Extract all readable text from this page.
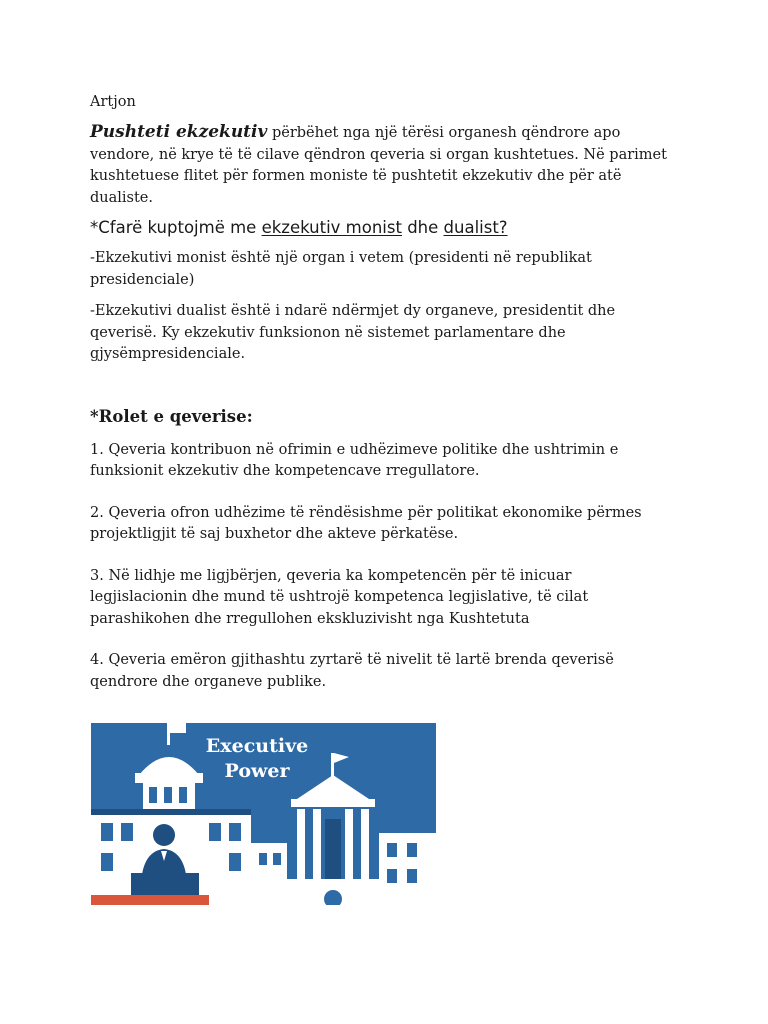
Artjon

Pushteti ekzekutiv përbëhet nga një tërësi organesh qëndrore apo vendore, në krye të të cilave qëndron qeveria si organ kushtetues. Në parimet kushtetuese flitet për formen moniste të pushtetit ekzekutiv dhe për atë dualiste.

*Cfarë kuptojmë me ekzekutiv monist dhe dualist?

-Ekzekutivi monist është një organ i vetem (presidenti në republikat presidenciale)

-Ekzekutivi dualist është i ndarë ndërmjet dy organeve, presidentit dhe qeverisë. Ky ekzekutiv funksionon në sistemet parlamentare dhe gjysëmpresidenciale.

*Rolet e qeverise:

1. Qeveria kontribuon në ofrimin e udhëzimeve politike dhe ushtrimin e funksionit ekzekutiv dhe kompetencave rregullatore.

2. Qeveria ofron udhëzime të rëndësishme për politikat ekonomike përmes projektligjit të saj buxhetor dhe akteve përkatëse.

3. Në lidhje me ligjbërjen, qeveria ka kompetencën për të inicuar legjislacionin dhe mund të ushtrojë kompetenca legjislative, të cilat parashikohen dhe rregullohen ekskluzivisht nga Kushtetuta

4. Qeveria emëron gjithashtu zyrtarë të nivelit të lartë brenda qeverisë qendrore dhe organeve publike.

Executive
Power
